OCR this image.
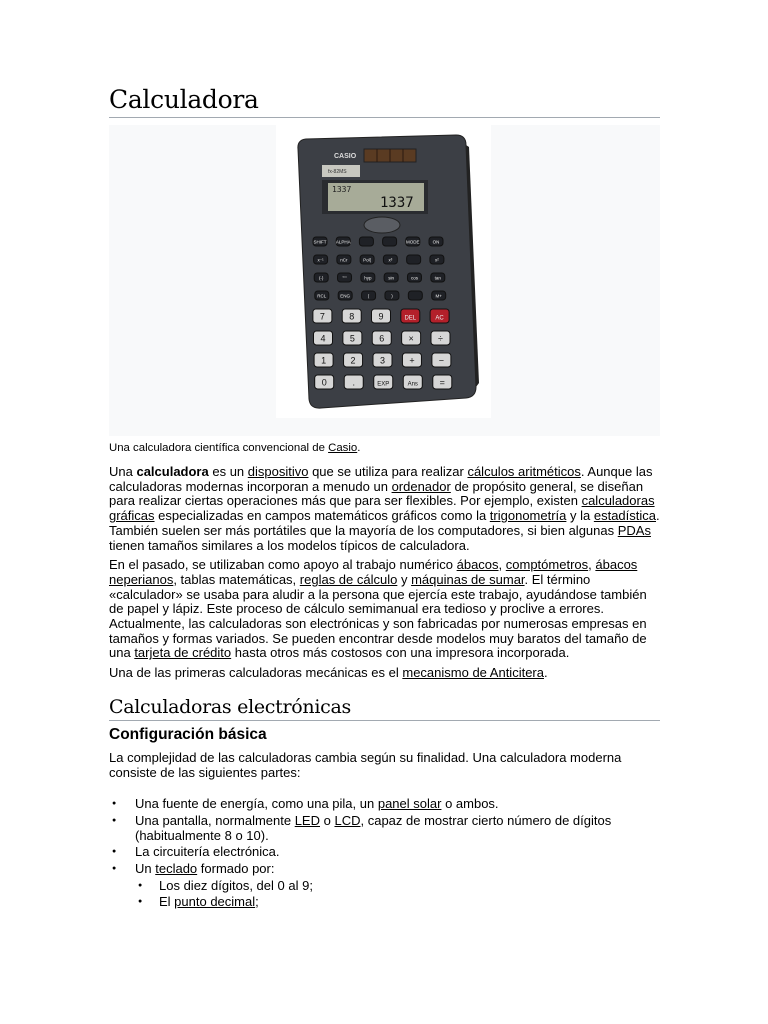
Calculadora
CASIO
fx-82MS
1337
1337
SHIFT ALPHA	MODE	ON
x⁻¹	nCr	Pol(	x³	x²
(-)	°'"	hyp	sin	cos	tan
RCL	ENG	(	)	M+
7	8	9	DEL	AC
4	5	6	×	÷
1	2	3	+	−
0	.	EXP	Ans =
Una calculadora científica convencional de Casio.

Una calculadora es un dispositivo que se utiliza para realizar cálculos aritméticos. Aunque las calculadoras modernas incorporan a menudo un ordenador de propósito general, se diseñan para realizar ciertas operaciones más que para ser flexibles. Por ejemplo, existen calculadoras gráficas especializadas en campos matemáticos gráficos como la trigonometría y la estadística. También suelen ser más portátiles que la mayoría de los computadores, si bien algunas PDAs tienen tamaños similares a los modelos típicos de calculadora.

En el pasado, se utilizaban como apoyo al trabajo numérico ábacos, comptómetros, ábacos neperianos, tablas matemáticas, reglas de cálculo y máquinas de sumar. El término «calculador» se usaba para aludir a la persona que ejercía este trabajo, ayudándose también de papel y lápiz. Este proceso de cálculo semimanual era tedioso y proclive a errores. Actualmente, las calculadoras son electrónicas y son fabricadas por numerosas empresas en tamaños y formas variados. Se pueden encontrar desde modelos muy baratos del tamaño de una tarjeta de crédito hasta otros más costosos con una impresora incorporada.

Una de las primeras calculadoras mecánicas es el mecanismo de Anticitera.

Calculadoras electrónicas
Configuración básica

La complejidad de las calculadoras cambia según su finalidad. Una calculadora moderna consiste de las siguientes partes:

● Una fuente de energía, como una pila, un panel solar o ambos.
● Una pantalla, normalmente LED o LCD, capaz de mostrar cierto número de dígitos (habitualmente 8 o 10).
● La circuitería electrónica.
● Un teclado formado por:
● Los diez dígitos, del 0 al 9;
● El punto decimal;
